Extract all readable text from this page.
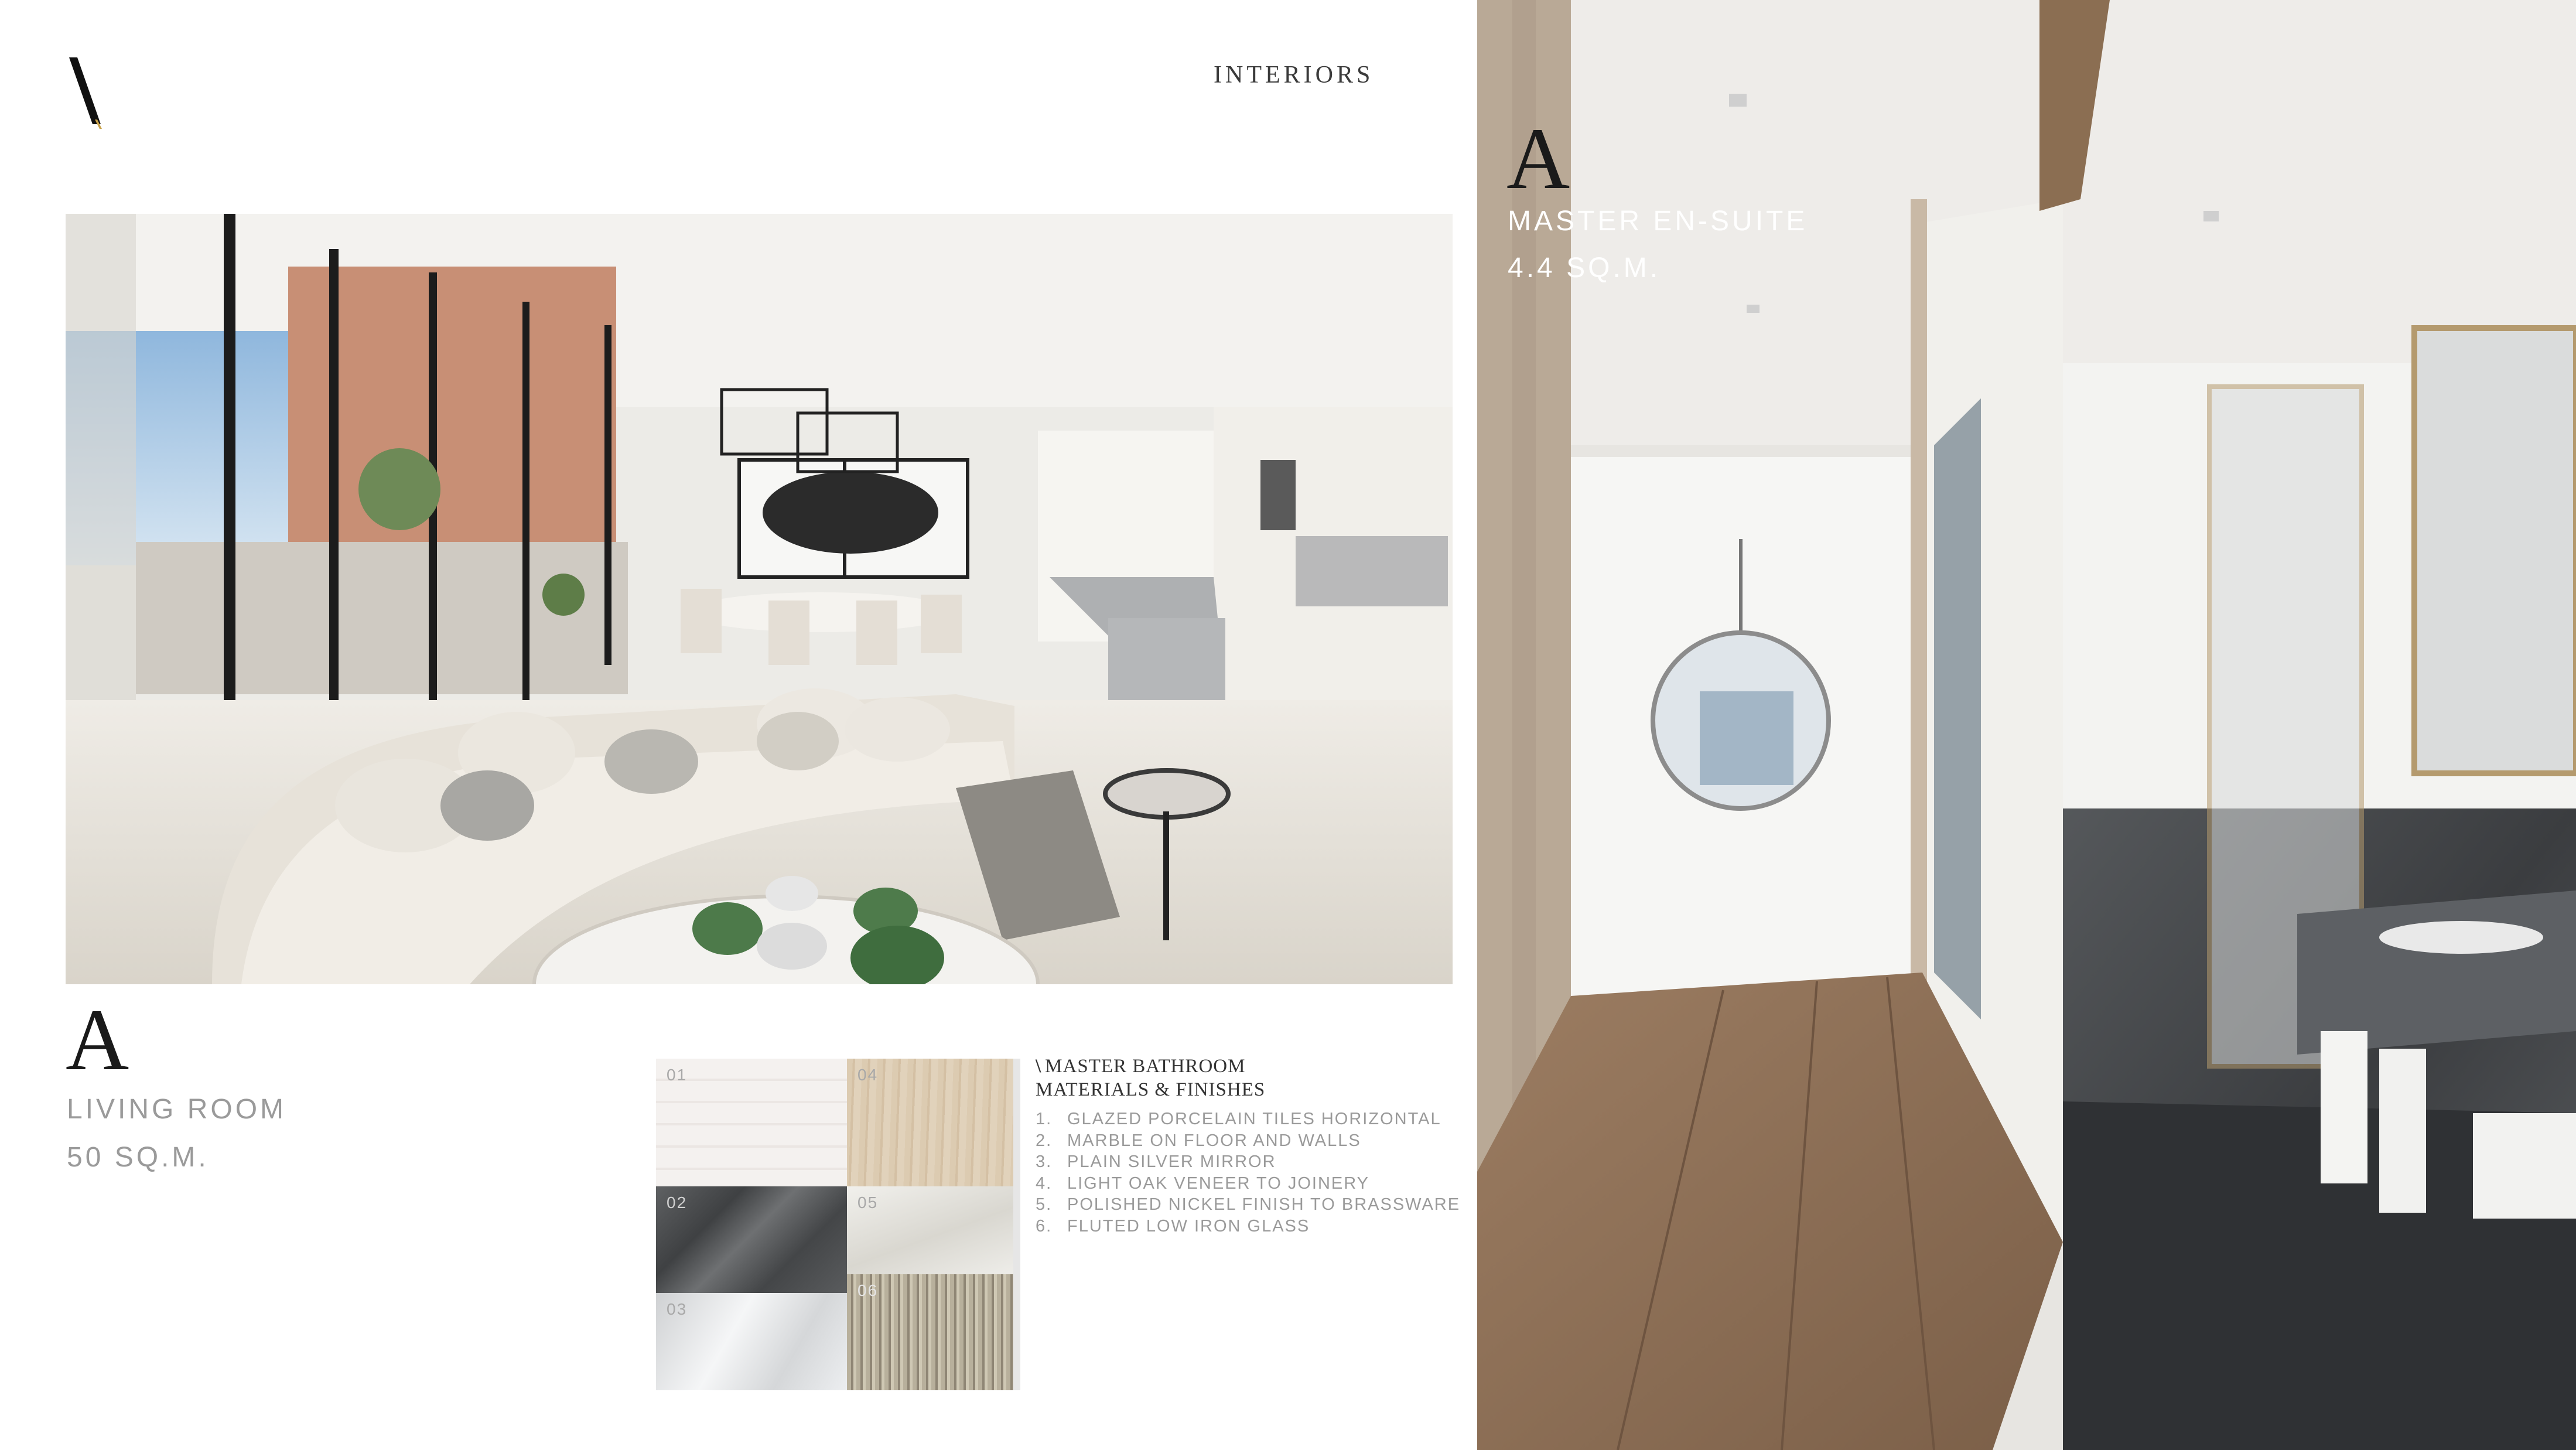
INTERIORS
A
LIVING ROOM
50 SQ.M.
01	04
02	05
06
03
\ MASTER BATHROOM
MATERIALS & FINISHES
1. GLAZED PORCELAIN TILES HORIZONTAL
2. MARBLE ON FLOOR AND WALLS
3. PLAIN SILVER MIRROR
4. LIGHT OAK VENEER TO JOINERY
5. POLISHED NICKEL FINISH TO BRASSWARE
6. FLUTED LOW IRON GLASS
A
MASTER EN-SUITE
4.4 SQ.M.
